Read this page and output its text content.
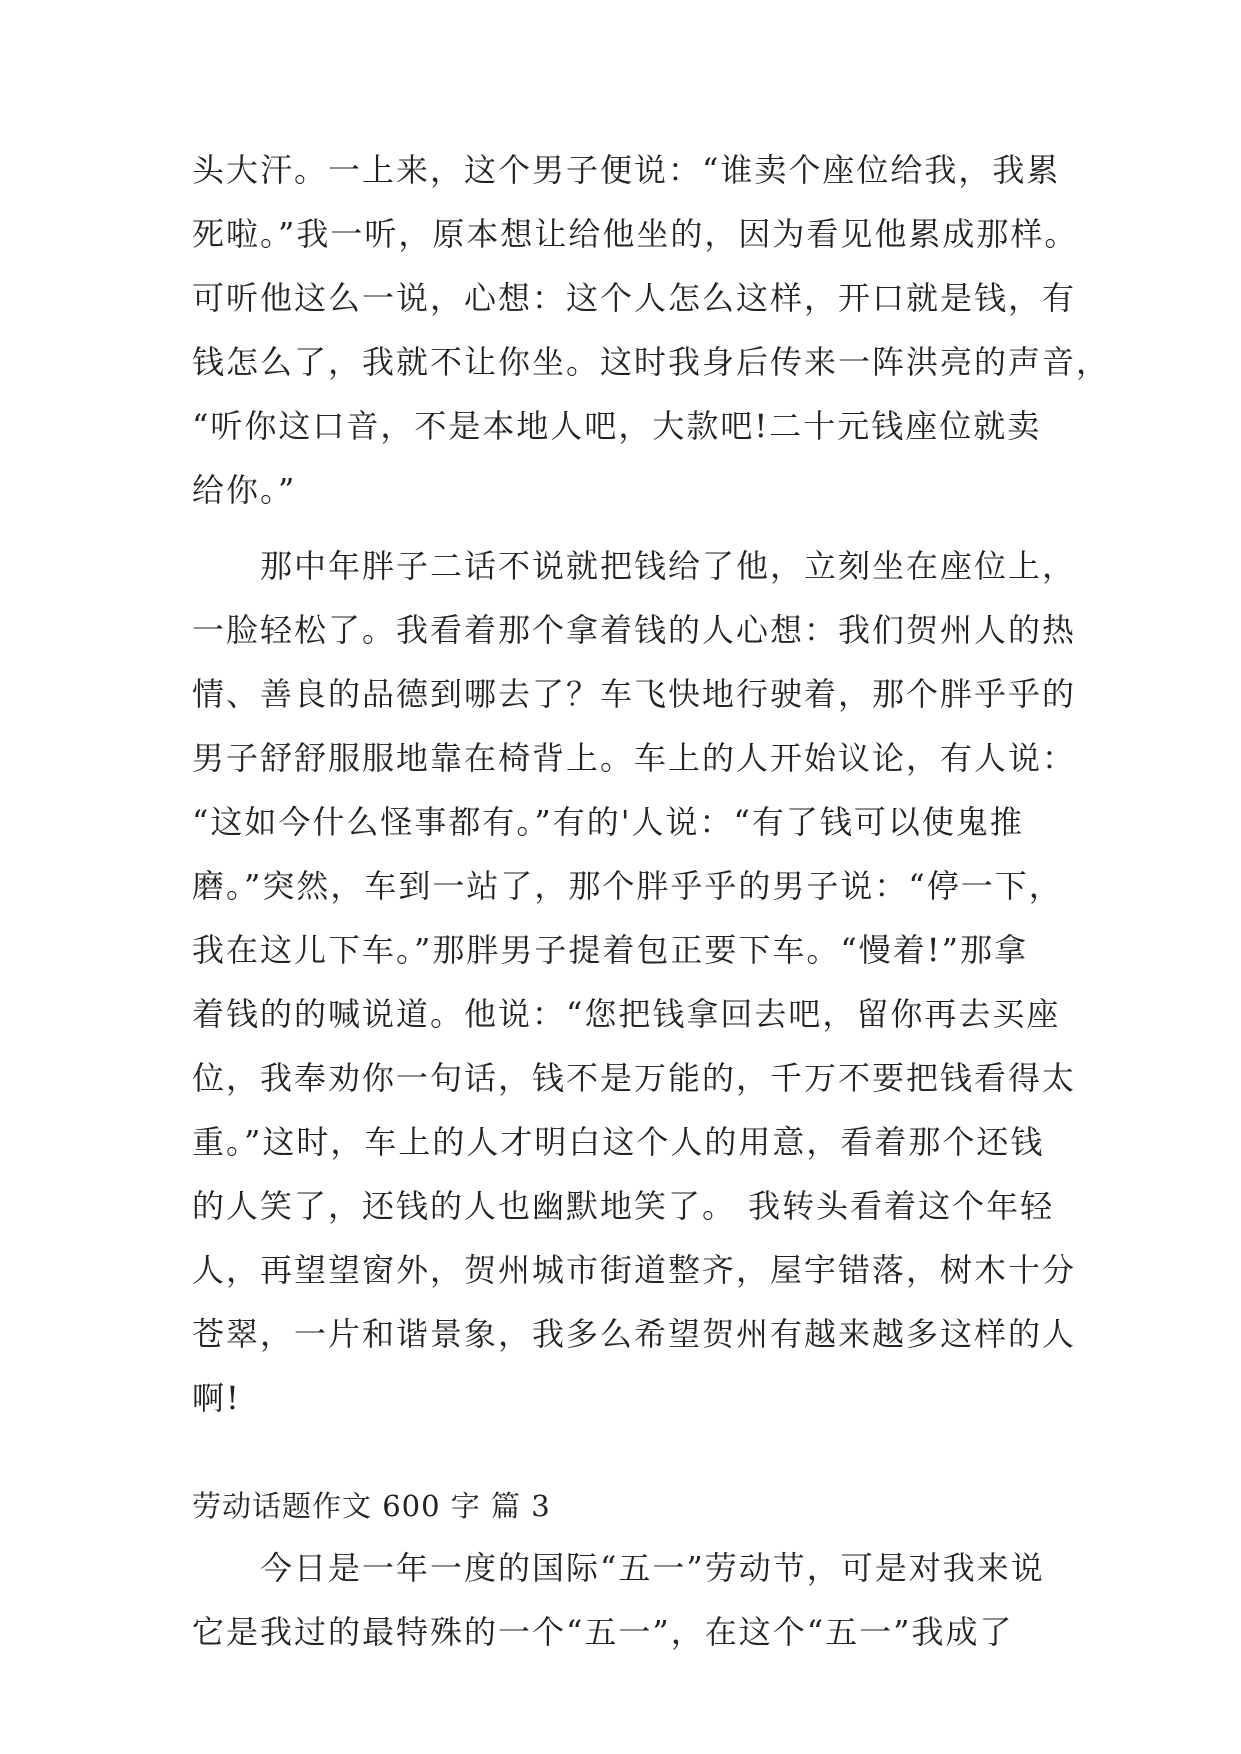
头大汗。一上来，这个男子便说：“谁卖个座位给我，我累
死啦。”我一听，原本想让给他坐的，因为看见他累成那样。
可听他这么一说，心想：这个人怎么这样，开口就是钱，有
钱怎么了，我就不让你坐。这时我身后传来一阵洪亮的声音，
“听你这口音，不是本地人吧，大款吧!二十元钱座位就卖
给你。”
那中年胖子二话不说就把钱给了他，立刻坐在座位上，
一脸轻松了。我看着那个拿着钱的人心想：我们贺州人的热
情、善良的品德到哪去了？车飞快地行驶着，那个胖乎乎的
男子舒舒服服地靠在椅背上。车上的人开始议论，有人说：
“这如今什么怪事都有。”有的'人说：“有了钱可以使鬼推
磨。”突然，车到一站了，那个胖乎乎的男子说：“停一下，
我在这儿下车。”那胖男子提着包正要下车。“慢着!”那拿
着钱的的喊说道。他说：“您把钱拿回去吧，留你再去买座
位，我奉劝你一句话，钱不是万能的，千万不要把钱看得太
重。”这时，车上的人才明白这个人的用意，看着那个还钱
的人笑了，还钱的人也幽默地笑了。 我转头看着这个年轻
人，再望望窗外，贺州城市街道整齐，屋宇错落，树木十分
苍翠，一片和谐景象，我多么希望贺州有越来越多这样的人
啊!
劳动话题作文 600 字 篇 3
今日是一年一度的国际“五一”劳动节，可是对我来说
它是我过的最特殊的一个“五一”，在这个“五一”我成了
